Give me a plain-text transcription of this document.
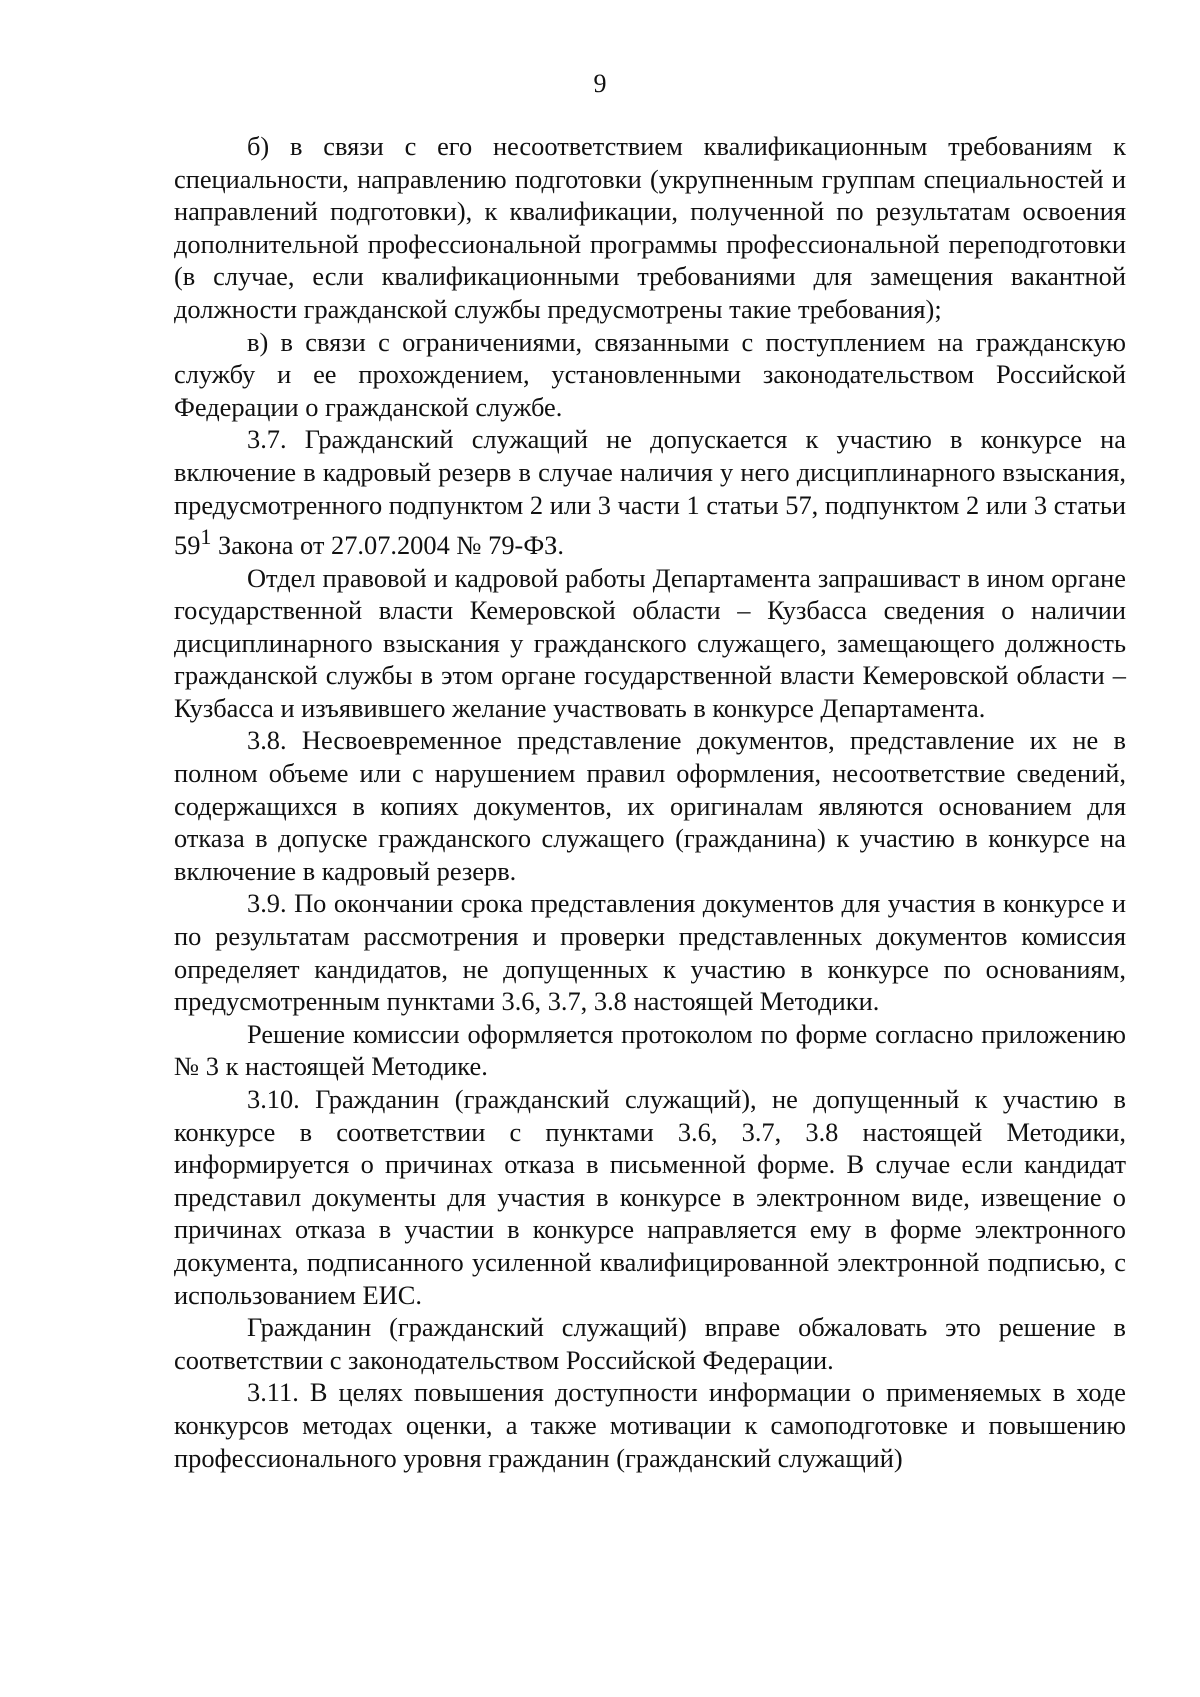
9

б) в связи с его несоответствием квалификационным требованиям к специальности, направлению подготовки (укрупненным группам специальностей и направлений подготовки), к квалификации, полученной по результатам освоения дополнительной профессиональной программы профессиональной переподготовки (в случае, если квалификационными требованиями для замещения вакантной должности гражданской службы предусмотрены такие требования);

в) в связи с ограничениями, связанными с поступлением на гражданскую службу и ее прохождением, установленными законодательством Российской Федерации о гражданской службе.

3.7. Гражданский служащий не допускается к участию в конкурсе на включение в кадровый резерв в случае наличия у него дисциплинарного взыскания, предусмотренного подпунктом 2 или 3 части 1 статьи 57, подпунктом 2 или 3 статьи $59^1$ Закона от 27.07.2004 № 79-ФЗ.

Отдел правовой и кадровой работы Департамента запрашиваст в ином органе государственной власти Кемеровской области – Кузбасса сведения о наличии дисциплинарного взыскания у гражданского служащего, замещающего должность гражданской службы в этом органе государственной власти Кемеровской области – Кузбасса и изъявившего желание участвовать в конкурсе Департамента.

3.8. Несвоевременное представление документов, представление их не в полном объеме или с нарушением правил оформления, несоответствие сведений, содержащихся в копиях документов, их оригиналам являются основанием для отказа в допуске гражданского служащего (гражданина) к участию в конкурсе на включение в кадровый резерв.

3.9. По окончании срока представления документов для участия в конкурсе и по результатам рассмотрения и проверки представленных документов комиссия определяет кандидатов, не допущенных к участию в конкурсе по основаниям, предусмотренным пунктами 3.6, 3.7, 3.8 настоящей Методики.

Решение комиссии оформляется протоколом по форме согласно приложению № 3 к настоящей Методике.

3.10. Гражданин (гражданский служащий), не допущенный к участию в конкурсе в соответствии с пунктами 3.6, 3.7, 3.8 настоящей Методики, информируется о причинах отказа в письменной форме. В случае если кандидат представил документы для участия в конкурсе в электронном виде, извещение о причинах отказа в участии в конкурсе направляется ему в форме электронного документа, подписанного усиленной квалифицированной электронной подписью, с использованием ЕИС.

Гражданин (гражданский служащий) вправе обжаловать это решение в соответствии с законодательством Российской Федерации.

3.11. В целях повышения доступности информации о применяемых в ходе конкурсов методах оценки, а также мотивации к самоподготовке и повышению профессионального уровня гражданин (гражданский служащий)
